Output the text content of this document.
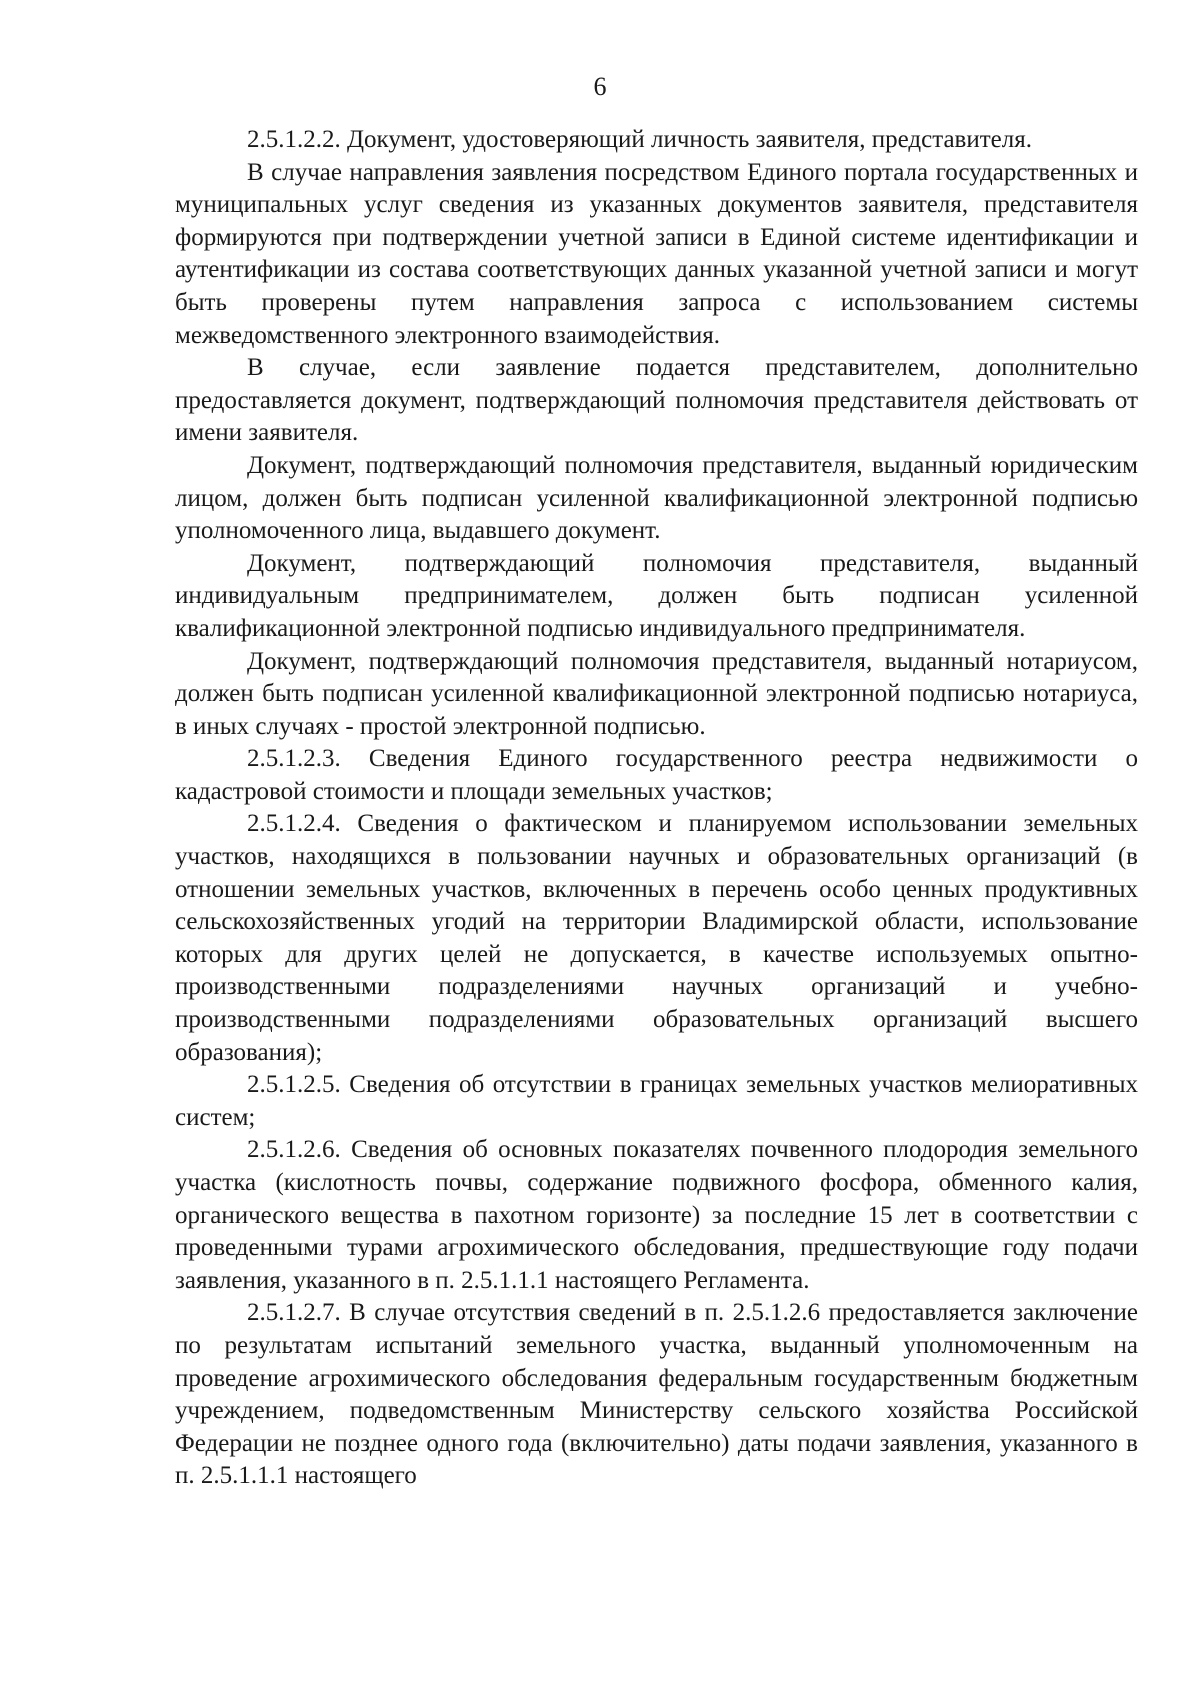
6

2.5.1.2.2. Документ, удостоверяющий личность заявителя, представителя.

В случае направления заявления посредством Единого портала государственных и муниципальных услуг сведения из указанных документов заявителя, представителя формируются при подтверждении учетной записи в Единой системе идентификации и аутентификации из состава соответствующих данных указанной учетной записи и могут быть проверены путем направления запроса с использованием системы межведомственного электронного взаимодействия.

В случае, если заявление подается представителем, дополнительно предоставляется документ, подтверждающий полномочия представителя действовать от имени заявителя.

Документ, подтверждающий полномочия представителя, выданный юридическим лицом, должен быть подписан усиленной квалификационной электронной подписью уполномоченного лица, выдавшего документ.

Документ, подтверждающий полномочия представителя, выданный индивидуальным предпринимателем, должен быть подписан усиленной квалификационной электронной подписью индивидуального предпринимателя.

Документ, подтверждающий полномочия представителя, выданный нотариусом, должен быть подписан усиленной квалификационной электронной подписью нотариуса, в иных случаях - простой электронной подписью.

2.5.1.2.3. Сведения Единого государственного реестра недвижимости о кадастровой стоимости и площади земельных участков;

2.5.1.2.4. Сведения о фактическом и планируемом использовании земельных участков, находящихся в пользовании научных и образовательных организаций (в отношении земельных участков, включенных в перечень особо ценных продуктивных сельскохозяйственных угодий на территории Владимирской области, использование которых для других целей не допускается, в качестве используемых опытно-производственными подразделениями научных организаций и учебно-производственными подразделениями образовательных организаций высшего образования);

2.5.1.2.5. Сведения об отсутствии в границах земельных участков мелиоративных систем;

2.5.1.2.6. Сведения об основных показателях почвенного плодородия земельного участка (кислотность почвы, содержание подвижного фосфора, обменного калия, органического вещества в пахотном горизонте) за последние 15 лет в соответствии с проведенными турами агрохимического обследования, предшествующие году подачи заявления, указанного в п. 2.5.1.1.1 настоящего Регламента.

2.5.1.2.7. В случае отсутствия сведений в п. 2.5.1.2.6 предоставляется заключение по результатам испытаний земельного участка, выданный уполномоченным на проведение агрохимического обследования федеральным государственным бюджетным учреждением, подведомственным Министерству сельского хозяйства Российской Федерации не позднее одного года (включительно) даты подачи заявления, указанного в п. 2.5.1.1.1 настоящего
